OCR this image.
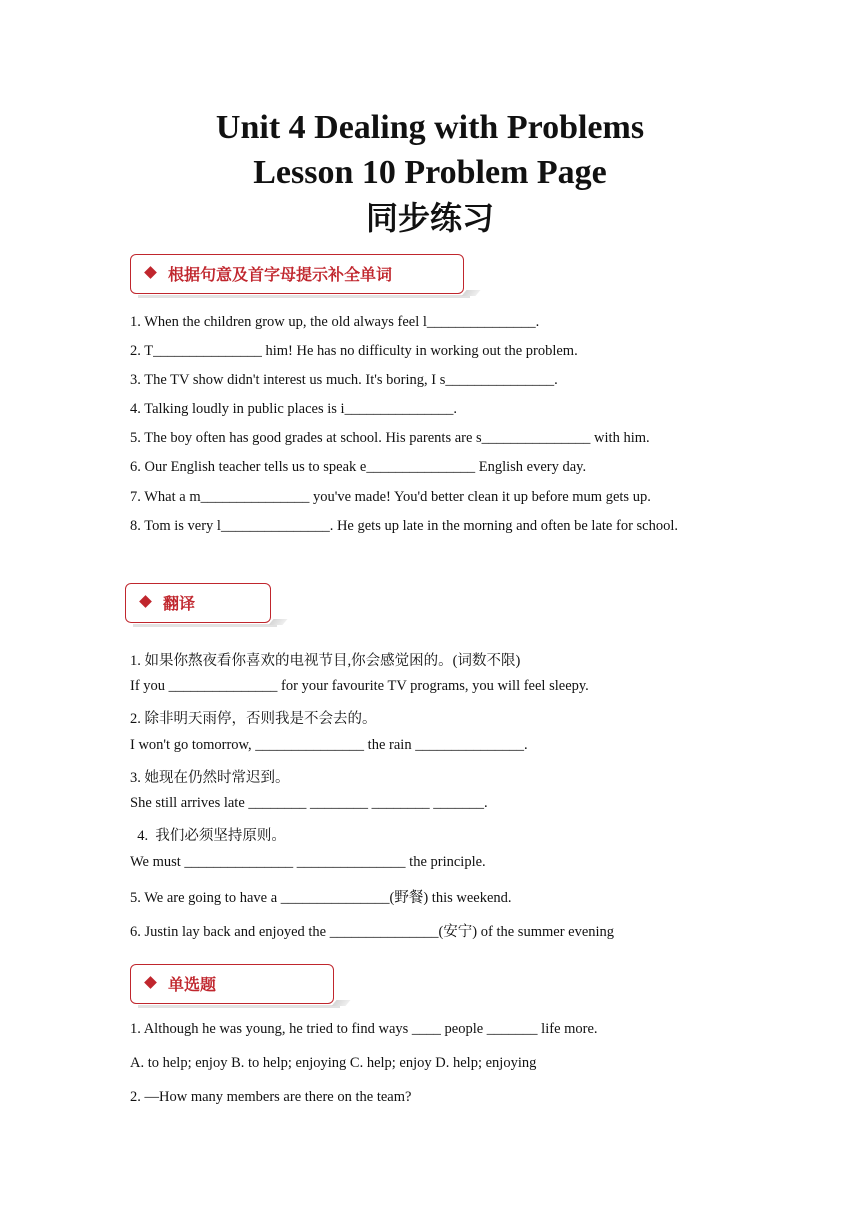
Unit 4 Dealing with Problems
Lesson 10 Problem Page
同步练习
根据句意及首字母提示补全单词
1. When the children grow up, the old always feel l_______________.
2. T_______________ him! He has no difficulty in working out the problem.
3. The TV show didn't interest us much. It's boring, I s_______________.
4. Talking loudly in public places is i_______________.
5. The boy often has good grades at school. His parents are s_______________ with him.
6. Our English teacher tells us to speak e_______________ English every day.
7. What a m_______________ you've made! You'd better clean it up before mum gets up.
8. Tom is very l_______________. He gets up late in the morning and often be late for school.
翻译
1. 如果你熬夜看你喜欢的电视节目,你会感觉困的。(词数不限)
If you _______________ for your favourite TV programs, you will feel sleepy.
2. 除非明天雨停，否则我是不会去的。
I won't go tomorrow, _______________ the rain _______________.
3. 她现在仍然时常迟到。
She still arrives late ________ ________ ________ _______.
4.  我们必须坚持原则。
We must _______________ _______________ the principle.
5. We are going to have a _______________(野餐) this weekend.
6. Justin lay back and enjoyed the _______________(安宁) of the summer evening
单选题
1. Although he was young, he tried to find ways ____ people _______ life more.
A. to help; enjoy B. to help; enjoying C. help; enjoy D. help; enjoying
2. —How many members are there on the team?
